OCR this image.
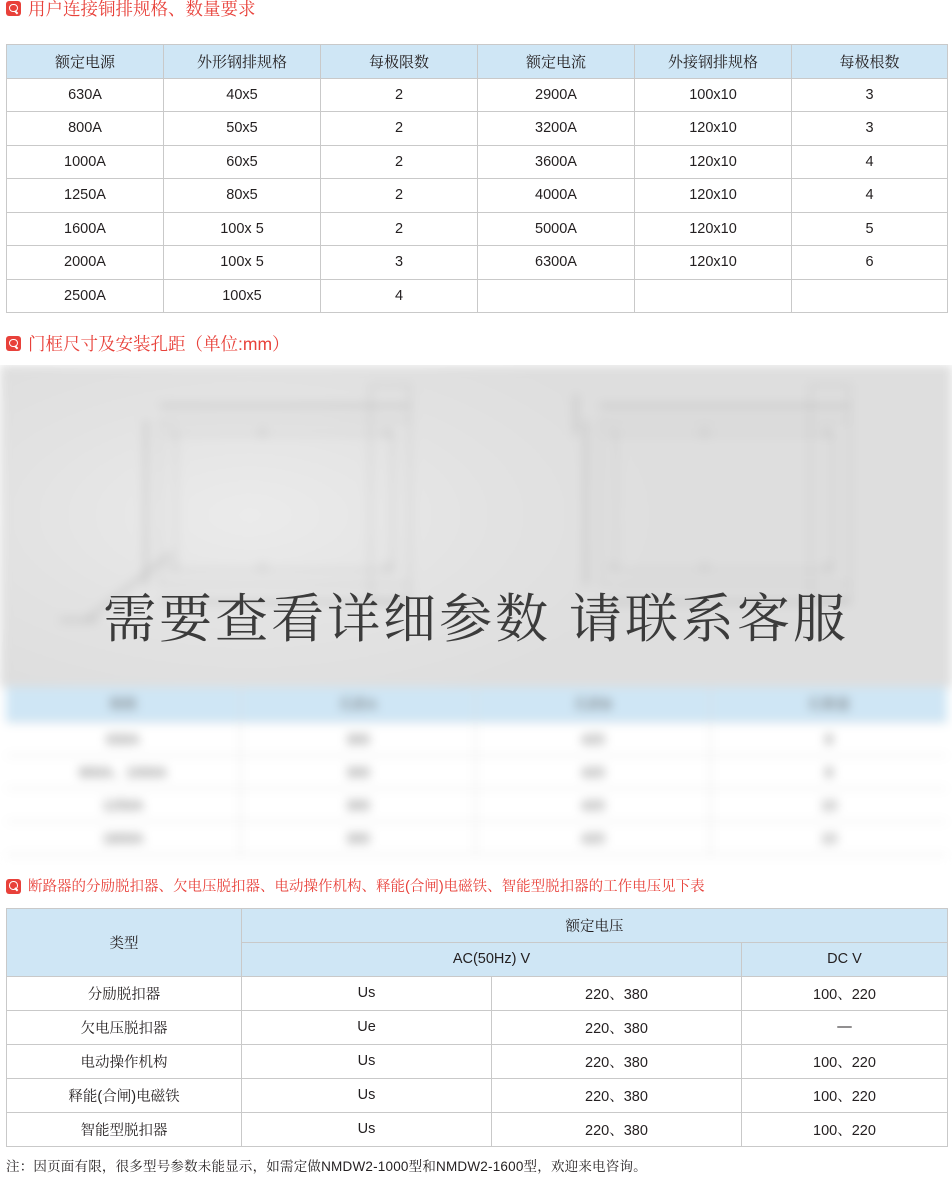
用户连接铜排规格、数量要求
额定电源	外形钢排规格	每极限数	额定电流	外接钢排规格	每极根数
630A	40x5	2	2900A	100x10	3
800A	50x5	2	3200A	120x10	3
1000A	60x5	2	3600A	120x10	4
1250A	80x5	2	4000A	120x10	4
1600A	100x 5	2	5000A	120x10	5
2000A	100x 5	3	6300A	120x10	6
2500A	100x5	4			
门框尺寸及安装孔距（单位:mm）
规格	孔距A	孔距B	孔数量
630A	300	420	8
800A、1000A	300	420	8
1250A	300	420	10
1600A	300	420	10
需要查看详细参数 请联系客服
断路器的分励脱扣器、欠电压脱扣器、电动操作机构、释能(合闸)电磁铁、智能型脱扣器的工作电压见下表
类型	额定电压		
	AC(50Hz) V		DC V
分励脱扣器	Us	220、380	100、220
欠电压脱扣器	Ue	220、380	—
电动操作机构	Us	220、380	100、220
释能(合闸)电磁铁	Us	220、380	100、220
智能型脱扣器	Us	220、380	100、220
注：因页面有限，很多型号参数未能显示，如需定做NMDW2-1000型和NMDW2-1600型，欢迎来电咨询。
